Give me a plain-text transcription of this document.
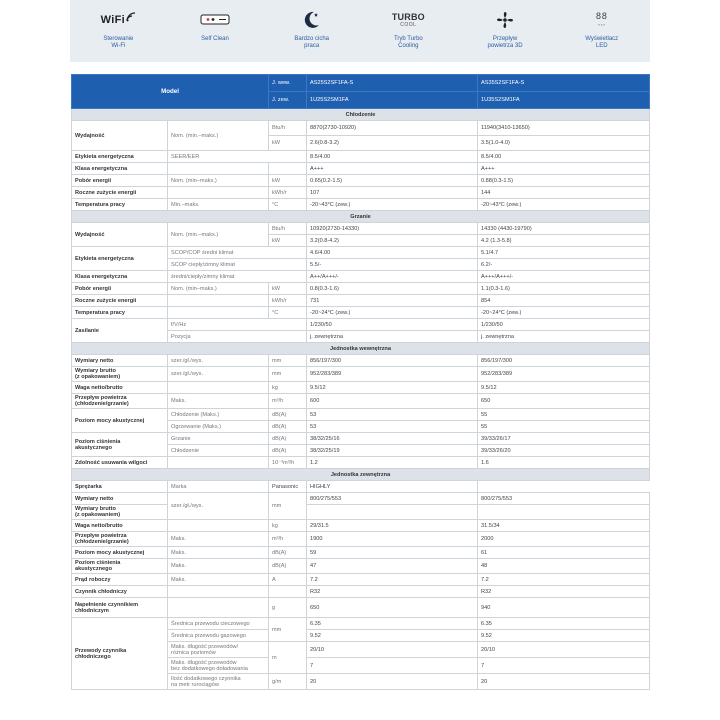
WiFi
Sterowanie
Wi-Fi
Self Clean	Bardzo cicha
praca
TURBO
COOL
Tryb Turbo
Cooling
Przepływ
powietrza 3D
88
▪ ▪ ▪
Wyświetlacz
LED
Model		J. wew.	AS25S2SF1FA-S	AS35S2SF1FA-S	
		J. zew.	1U25S2SM1FA	1U35S2SM1FA	
Chłodzenie					
Wydajność	Nom. (min.–maks.)	Btu/h	8870(2730-10920)	11940(3410-13650)	
		kW	2.6(0.8-3.2)	3.5(1.0-4.0)	
Etykieta energetyczna	SEER/EER		8.5/4.00	8.5/4.00	
Klasa energetyczna			A+++	A+++	
Pobór energii	Nom. (min–maks.)	kW	0.65(0.2-1.5)	0.88(0.3-1.5)	
Roczne zużycie energii		kWh/r	107	144	
Temperatura pracy	Min.–maks.	°C	-20~43°C (zew.)	-20~43°C (zew.)	
Grzanie					
Wydajność	Nom. (min.–maks.)	Btu/h	10920(2730-14330)	14330 (4430-19790)	
		kW	3.2(0.8-4.2)	4.2 (1.3-5.8)	
Etykieta energetyczna	SCOP/COP średni klimat		4.6/4.00	5.1/4.7	
	SCOP ciepły/zimny klimat		5.5/-	6.2/-	
Klasa energetyczna	średni/ciepły/zimny klimat		A++/A+++/-	A+++/A+++/-	
Pobór energii	Nom. (min–maks.)	kW	0.8(0.3-1.6)	1.1(0.3-1.6)	
Roczne zużycie energii		kWh/r	731	854	
Temperatura pracy		°C	-20~24°C (zew.)	-20~24°C (zew.)	
Zasilanie	f/V/Hz		1/230/50	1/230/50	
	Pozycja		j. zewnętrzna	j. zewnętrzna	
Jednostka wewnętrzna					
Wymiary netto	szer./gł./wys.	mm	856/197/300	856/197/300	
Wymiary brutto
(z opakowaniem)	szer./gł./wys.	mm	952/283/389	952/283/389	
Waga netto/brutto		kg	9.5/12	9.5/12	
Przepływ powietrza
(chłodzenie/grzanie)	Maks.	m³/h	600	650	
Poziom mocy akustycznej	Chłodzenie (Maks.)	dB(A)	53	55	
	Ogrzewanie (Maks.)	dB(A)	53	55	
Poziom ciśnienia
akustycznego	Grzanie	dB(A)	38/32/25/16	39/33/26/17	
	Chłodzenie	dB(A)	38/32/25/19	39/33/26/20	
Zdolność usuwania wilgoci		10⁻³m³/h	1.2	1.6	
Jednostka zewnętrzna					
Sprężarka	Marka	Panasonic	HIGHLY		
Wymiary netto	szer./gł./wys.	mm	800/275/553	800/275/553	
Wymiary brutto
(z opakowaniem)				
Waga netto/brutto		kg	29/31.5	31.5/34	
Przepływ powietrza
(chłodzenie/grzanie)	Maks.	m³/h	1900	2000	
Poziom mocy akustycznej	Maks.	dB(A)	59	61	
Poziom ciśnienia
akustycznego	Maks.	dB(A)	47	48	
Prąd roboczy	Maks.	A	7.2	7.2	
Czynnik chłodniczy			R32	R32	
Napełnienie czynnikiem
chłodniczym		g	650	940	
Przewody czynnika
chłodniczego	Średnica przewodu cieczowego	mm	6.35	6.35	
	Średnica przewodu gazowego		9.52	9.52	
	Maks. długość przewodów/
różnica poziomów	m	20/10	20/10	
	Maks. długość przewodów
bez dodatkowego doładowania		7	7	
	Ilość dodatkowego czynnika
na metr rurociągów	g/m	20	20	
